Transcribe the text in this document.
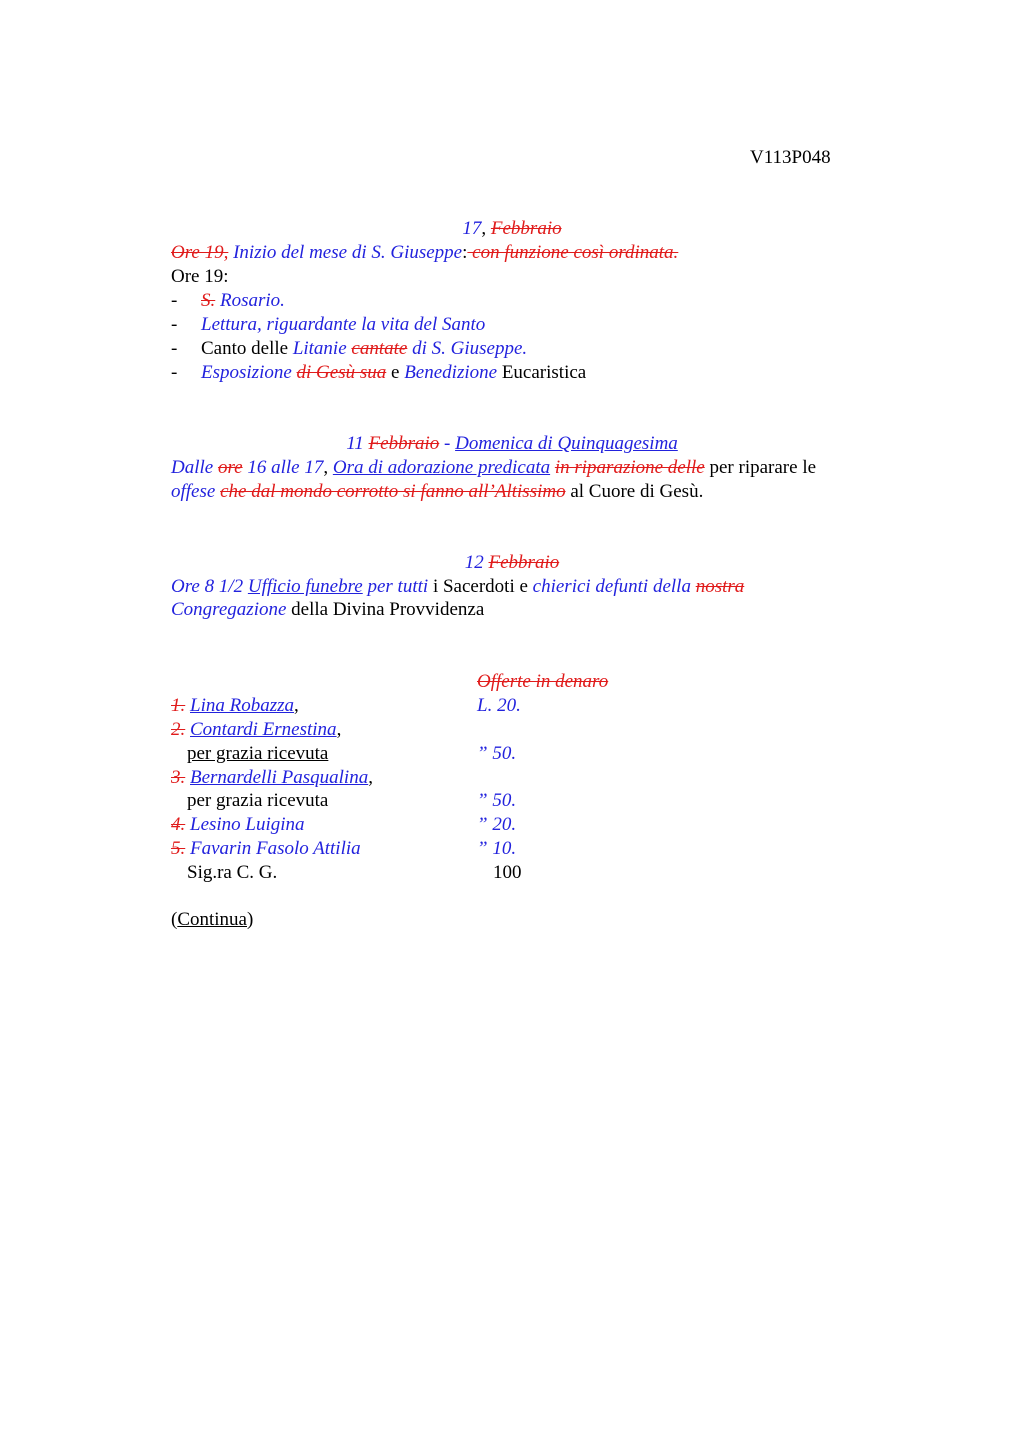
V113P048
17, Febbraio
Ore 19, Inizio del mese di S. Giuseppe: con funzione così ordinata.
Ore 19:
- S. Rosario.
- Lettura, riguardante la vita del Santo
- Canto delle Litanie cantate di S. Giuseppe.
- Esposizione di Gesù sua e Benedizione Eucaristica
11 Febbraio - Domenica di Quinquagesima
Dalle ore 16 alle 17, Ora di adorazione predicata in riparazione delle per riparare le
offese che dal mondo corrotto si fanno all’Altissimo al Cuore di Gesù.
12 Febbraio
Ore 8 1/2 Ufficio funebre per tutti i Sacerdoti e chierici defunti della nostra
Congregazione della Divina Provvidenza
Offerte in denaro
1. Lina Robazza,	L. 20.
2. Contardi Ernestina,
per grazia ricevuta	” 50.
3. Bernardelli Pasqualina,
per grazia ricevuta	” 50.
4. Lesino Luigina	” 20.
5. Favarin Fasolo Attilia	” 10.
Sig.ra C. G.	100
(Continua)
